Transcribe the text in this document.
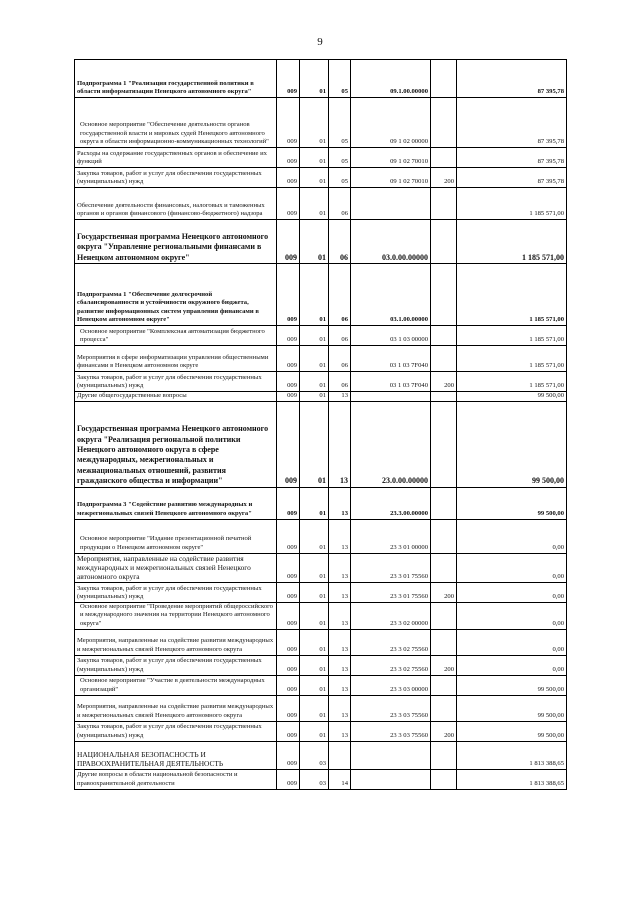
9
Подпрограмма 1 "Реализация государственной политики в области информатизации Ненецкого автономного округа"	009	01	05	09.1.00.00000		87 395,78
Основное мероприятие "Обеспечение деятельности органов государственной власти и мировых судей Ненецкого автономного округа в области информационно-коммуникационных технологий"	009	01	05	09 1 02 00000		87 395,78
Расходы на содержание государственных органов и обеспечение их функций	009	01	05	09 1 02 70010		87 395,78
Закупка товаров, работ и услуг для обеспечения государственных (муниципальных) нужд	009	01	05	09 1 02 70010	200	87 395,78
Обеспечение деятельности финансовых, налоговых и таможенных органов и органов финансового (финансово-бюджетного) надзора	009	01	06			1 185 571,00
Государственная программа Ненецкого автономного округа "Управление региональными финансами в Ненецком автономном округе"	009	01	06	03.0.00.00000		1 185 571,00
Подпрограмма 1 "Обеспечение долгосрочной сбалансированности и устойчивости окружного бюджета, развитие информационных систем управления финансами в Ненецком автономном округе"	009	01	06	03.1.00.00000		1 185 571,00
Основное мероприятие "Комплексная автоматизация бюджетного процесса"	009	01	06	03 1 03 00000		1 185 571,00
Мероприятия в сфере информатизации управления общественными финансами в Ненецком автономном округе	009	01	06	03 1 03 7F040		1 185 571,00
Закупка товаров, работ и услуг для обеспечения государственных (муниципальных) нужд	009	01	06	03 1 03 7F040	200	1 185 571,00
Другие общегосударственные вопросы	009	01	13			99 500,00
Государственная программа Ненецкого автономного округа "Реализация региональной политики Ненецкого автономного округа в сфере международных, межрегиональных и межнациональных отношений, развития гражданского общества и информации"	009	01	13	23.0.00.00000		99 500,00
Подпрограмма 3 "Содействие развитию международных и межрегиональных связей Ненецкого автономного округа"	009	01	13	23.3.00.00000		99 500,00
Основное мероприятие "Издание презентационной печатной продукции о Ненецком автономном округе"	009	01	13	23 3 01 00000		0,00
Мероприятия, направленные на содействие развития международных и межрегиональных связей Ненецкого автономного округа	009	01	13	23 3 01 75560		0,00
Закупка товаров, работ и услуг для обеспечения государственных (муниципальных) нужд	009	01	13	23 3 01 75560	200	0,00
Основное мероприятие "Проведение мероприятий общероссийского и международного значения на территории Ненецкого автономного округа"	009	01	13	23 3 02 00000		0,00
Мероприятия, направленные на содействие развития международных и межрегиональных связей Ненецкого автономного округа	009	01	13	23 3 02 75560		0,00
Закупка товаров, работ и услуг для обеспечения государственных (муниципальных) нужд	009	01	13	23 3 02 75560	200	0,00
Основное мероприятие "Участие в деятельности международных организаций"	009	01	13	23 3 03 00000		99 500,00
Мероприятия, направленные на содействие развития международных и межрегиональных связей Ненецкого автономного округа	009	01	13	23 3 03 75560		99 500,00
Закупка товаров, работ и услуг для обеспечения государственных (муниципальных) нужд	009	01	13	23 3 03 75560	200	99 500,00
НАЦИОНАЛЬНАЯ БЕЗОПАСНОСТЬ И ПРАВООХРАНИТЕЛЬНАЯ ДЕЯТЕЛЬНОСТЬ	009	03				1 813 388,65
Другие вопросы в области национальной безопасности и правоохранительной деятельности	009	03	14			1 813 388,65
